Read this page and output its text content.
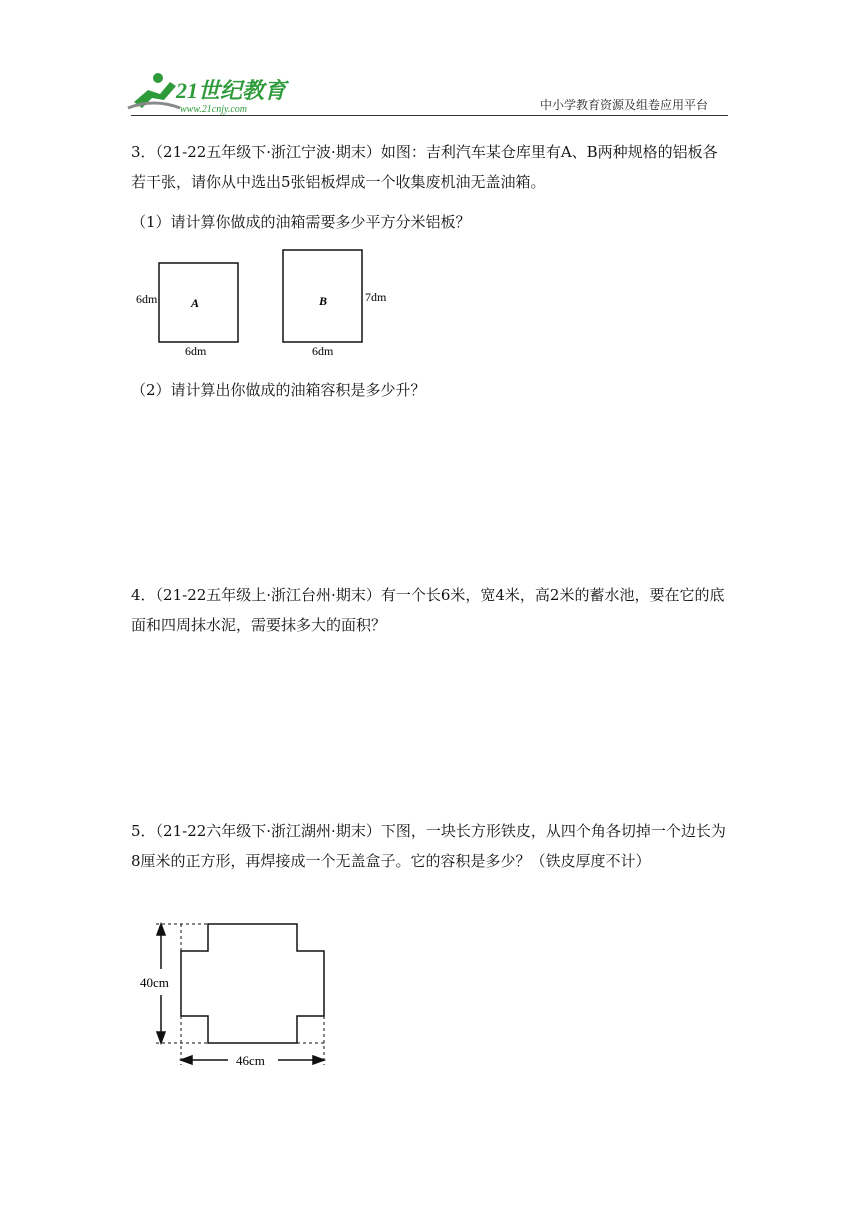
21世纪教育
www.21cnjy.com	中小学教育资源及组卷应用平台
3．（21-22五年级下·浙江宁波·期末）如图：吉利汽车某仓库里有A、B两种规格的铝板各若干张，请你从中选出5张铝板焊成一个收集废机油无盖油箱。
（1）请计算你做成的油箱需要多少平方分米铝板？
A
6dm
6dm
B	7dm
6dm
（2）请计算出你做成的油箱容积是多少升？
4．（21-22五年级上·浙江台州·期末）有一个长6米，宽4米，高2米的蓄水池，要在它的底面和四周抹水泥，需要抹多大的面积？
5．（21-22六年级下·浙江湖州·期末）下图，一块长方形铁皮，从四个角各切掉一个边长为8厘米的正方形，再焊接成一个无盖盒子。它的容积是多少？（铁皮厚度不计）
40cm
46cm
